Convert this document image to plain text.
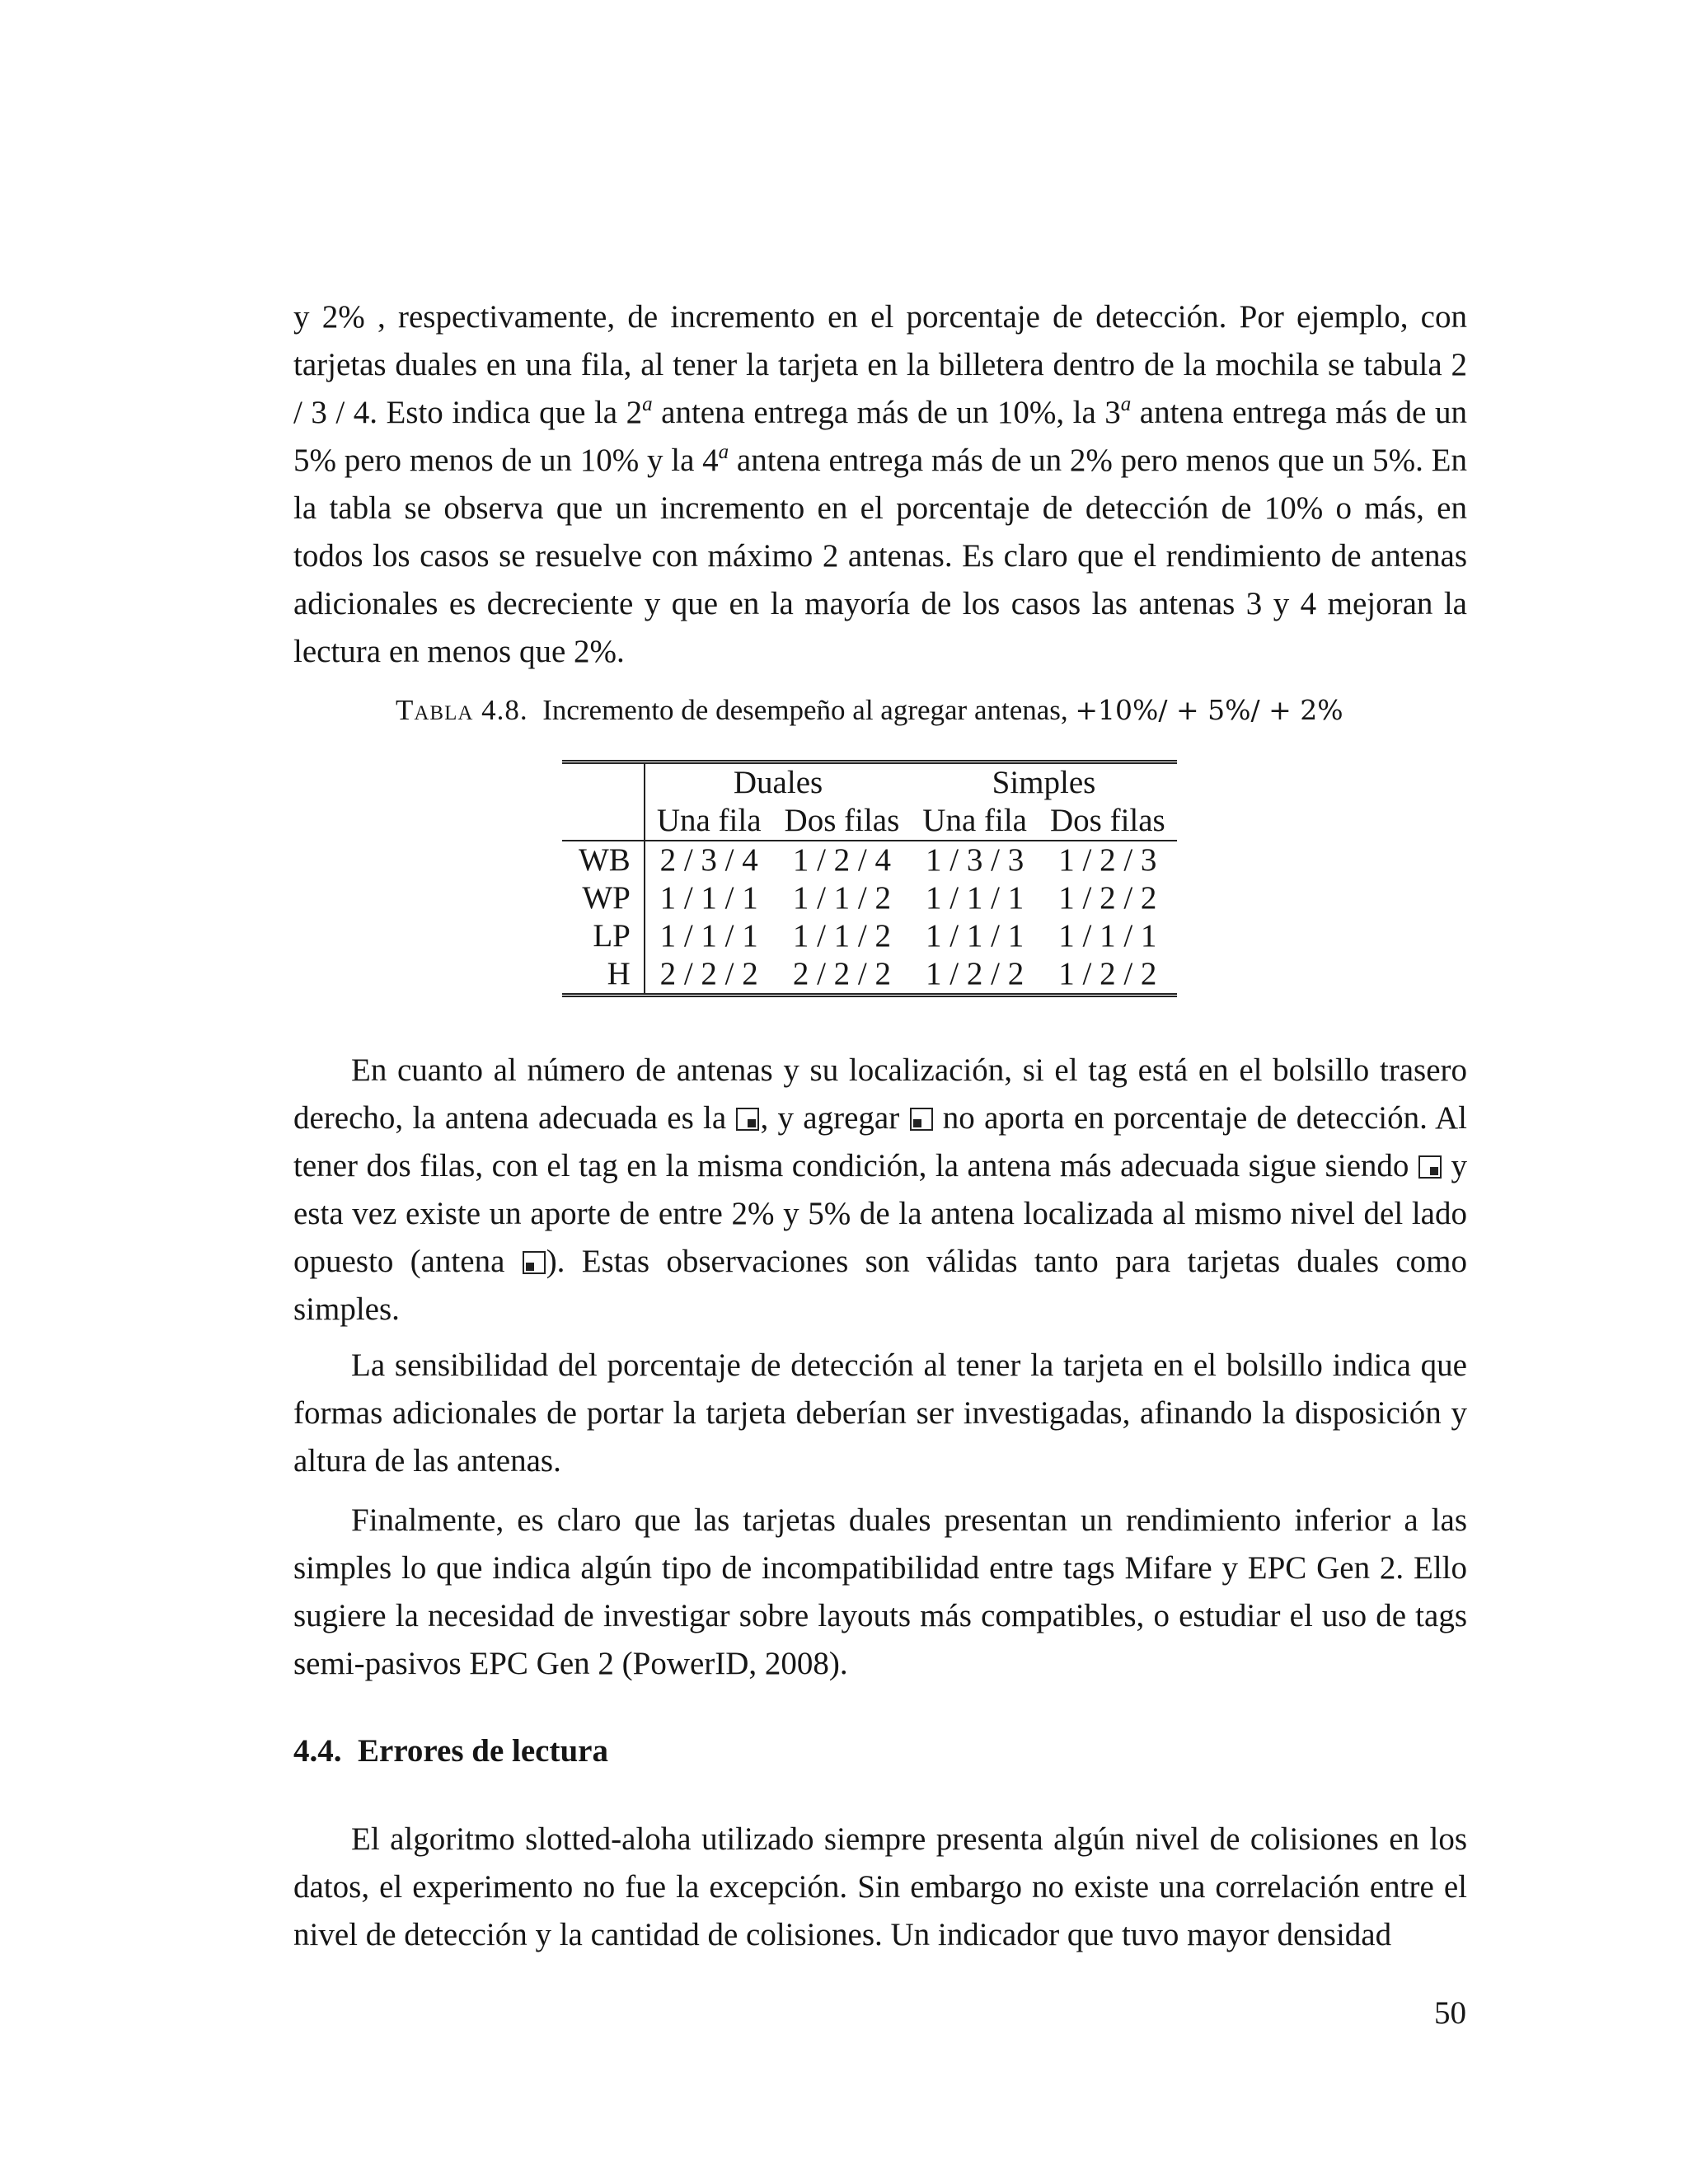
y 2% , respectivamente, de incremento en el porcentaje de detección. Por ejemplo, con tarjetas duales en una fila, al tener la tarjeta en la billetera dentro de la mochila se tabula 2 / 3 / 4. Esto indica que la 2$^a$ antena entrega más de un 10%, la 3$^a$ antena entrega más de un 5% pero menos de un 10% y la 4$^a$ antena entrega más de un 2% pero menos que un 5%. En la tabla se observa que un incremento en el porcentaje de detección de 10% o más, en todos los casos se resuelve con máximo 2 antenas. Es claro que el rendimiento de antenas adicionales es decreciente y que en la mayoría de los casos las antenas 3 y 4 mejoran la lectura en menos que 2%.

Tabla 4.8. Incremento de desempeño al agregar antenas, +10%/ + 5%/ + 2%
	Duales		Simples	
	Una fila	Dos filas	Una fila	Dos filas
WB	2 / 3 / 4	1 / 2 / 4	1 / 3 / 3	1 / 2 / 3
WP	1 / 1 / 1	1 / 1 / 2	1 / 1 / 1	1 / 2 / 2
LP	1 / 1 / 1	1 / 1 / 2	1 / 1 / 1	1 / 1 / 1
H	2 / 2 / 2	2 / 2 / 2	1 / 2 / 2	1 / 2 / 2

En cuanto al número de antenas y su localización, si el tag está en el bolsillo trasero derecho, la antena adecuada es la
, y agregar
no aporta en porcentaje de detección. Al tener dos filas, con el tag en la misma condición, la antena más adecuada sigue siendo
y esta vez existe un aporte de entre 2% y 5% de la antena localizada al mismo nivel del lado opuesto (antena
). Estas observaciones son válidas tanto para tarjetas duales como simples.

La sensibilidad del porcentaje de detección al tener la tarjeta en el bolsillo indica que formas adicionales de portar la tarjeta deberían ser investigadas, afinando la disposición y altura de las antenas.

Finalmente, es claro que las tarjetas duales presentan un rendimiento inferior a las simples lo que indica algún tipo de incompatibilidad entre tags Mifare y EPC Gen 2. Ello sugiere la necesidad de investigar sobre layouts más compatibles, o estudiar el uso de tags semi-pasivos EPC Gen 2 (PowerID, 2008).

4.4. Errores de lectura

El algoritmo slotted-aloha utilizado siempre presenta algún nivel de colisiones en los datos, el experimento no fue la excepción. Sin embargo no existe una correlación entre el nivel de detección y la cantidad de colisiones. Un indicador que tuvo mayor densidad

50
